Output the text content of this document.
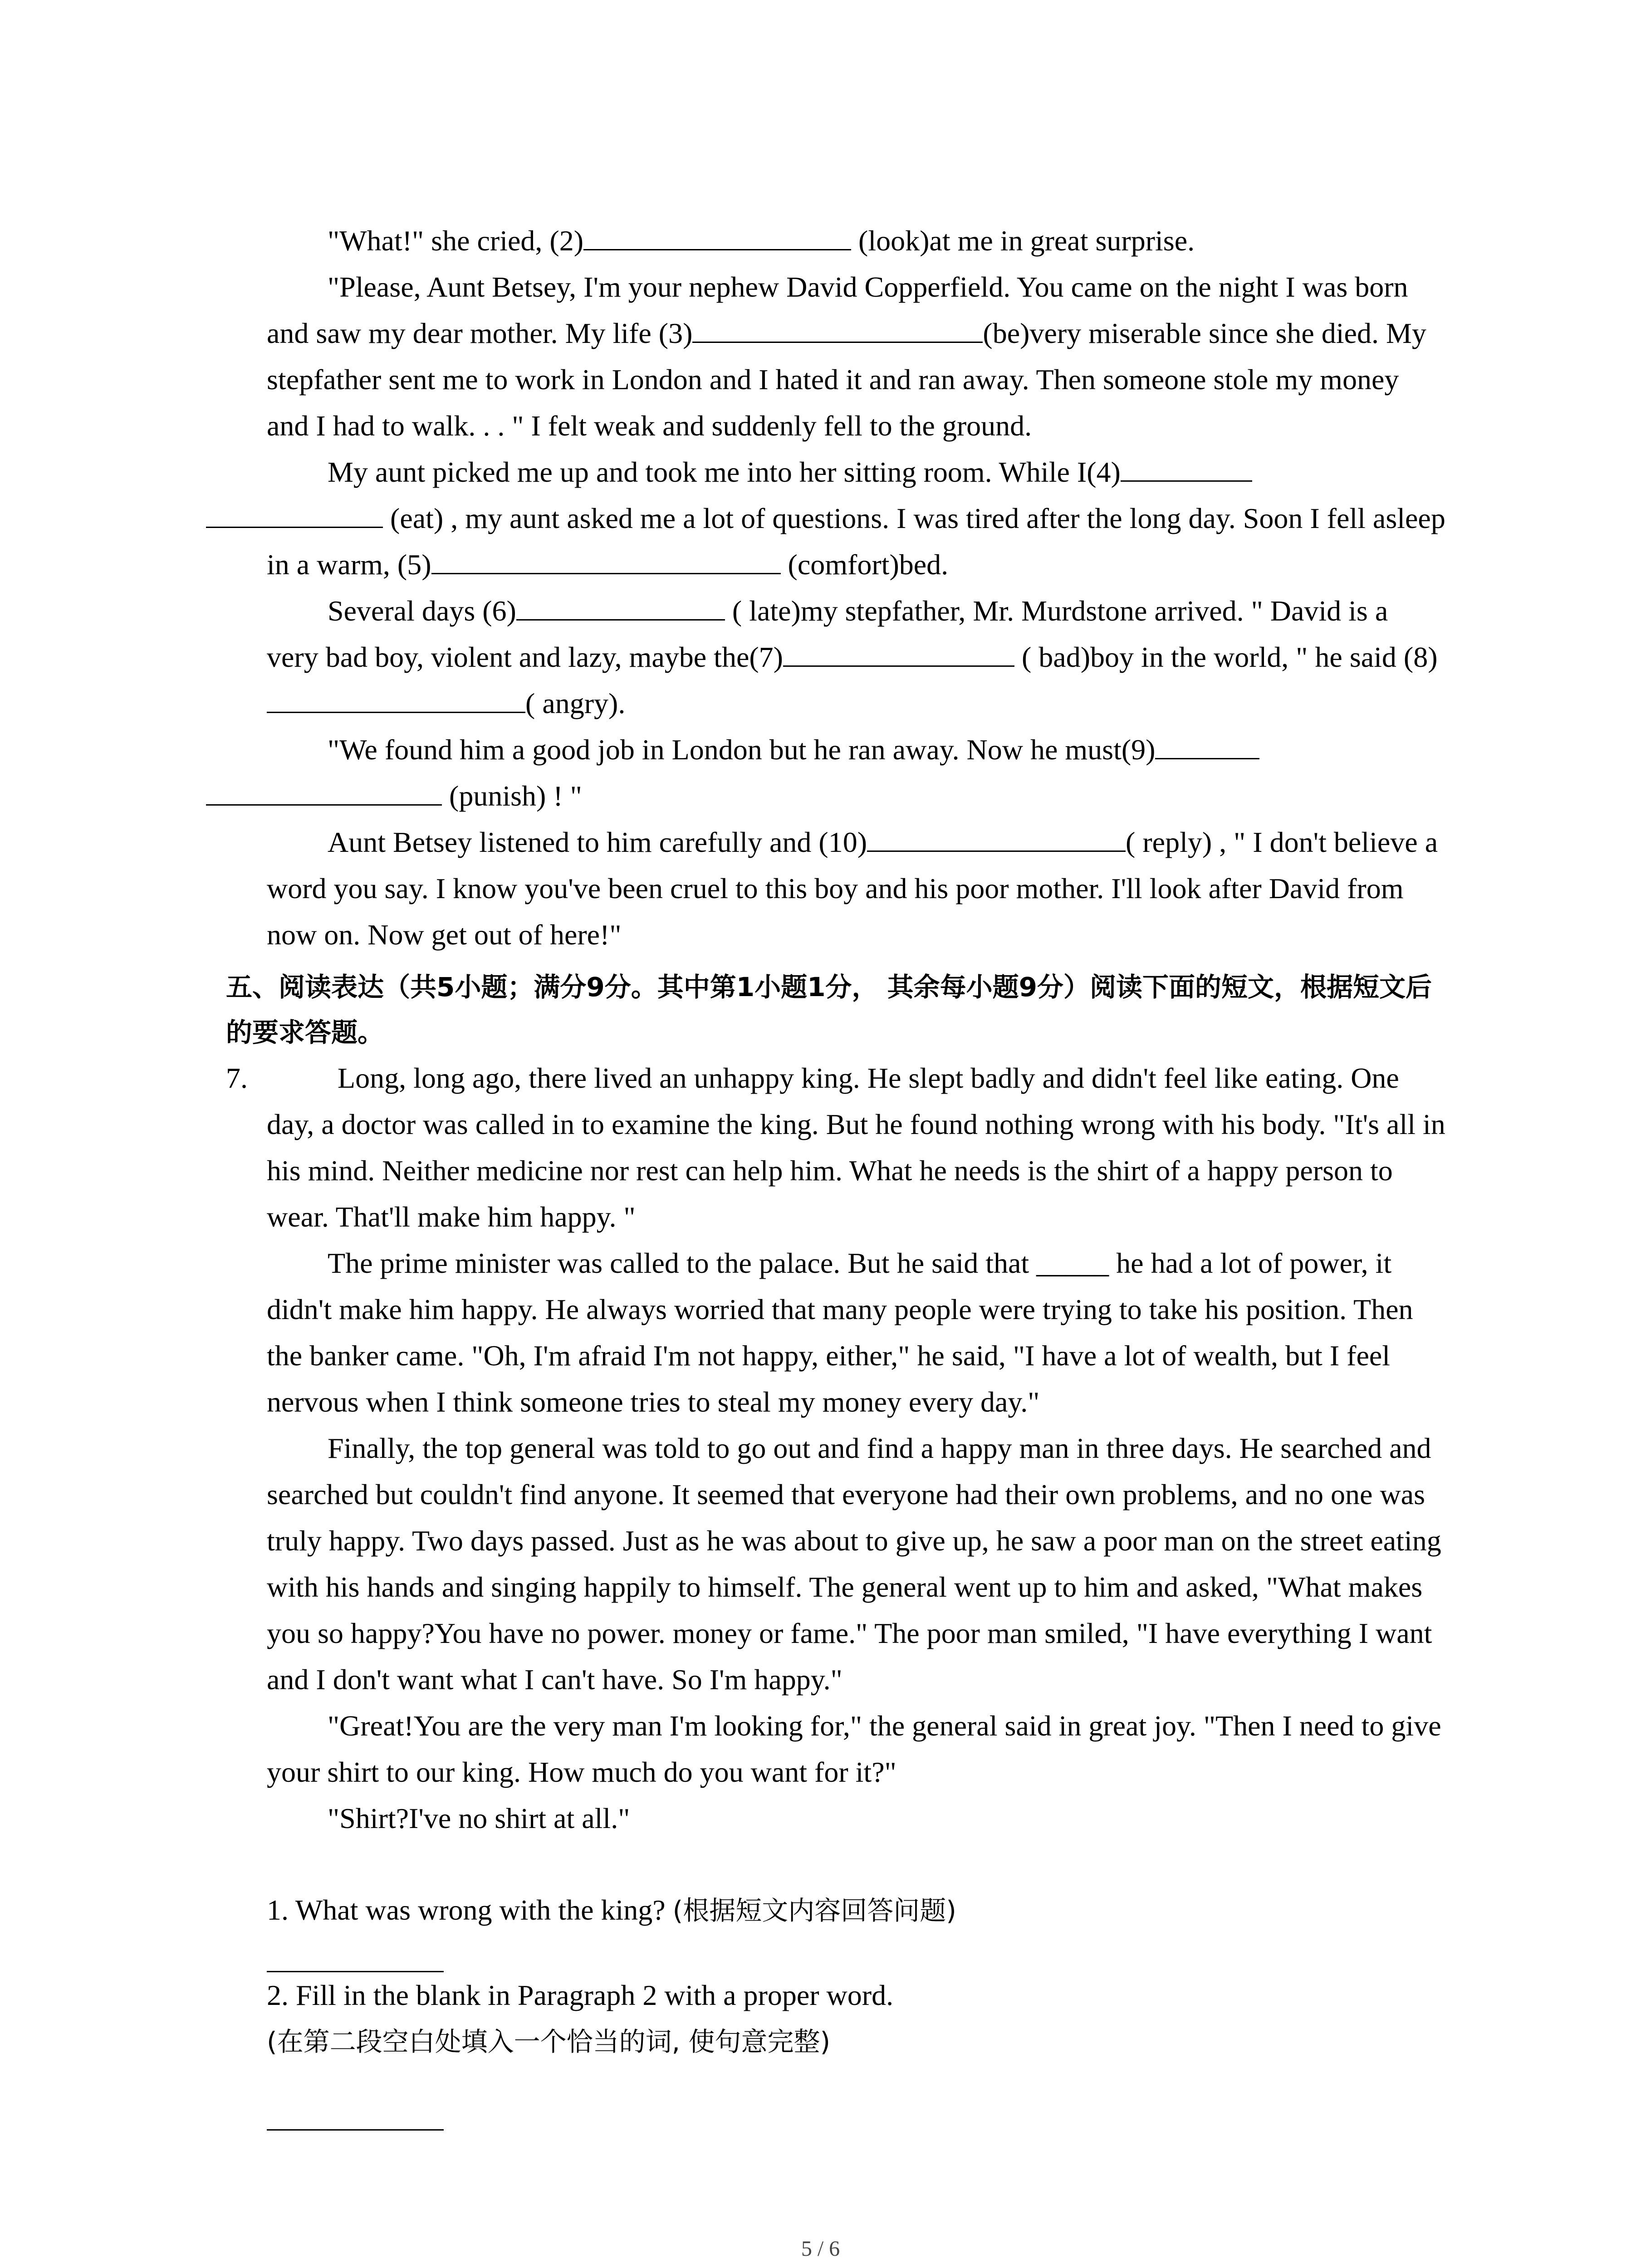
"What!" she cried, (2)	(look)at me in great surprise.

"Please, Aunt Betsey, I'm your nephew David Copperfield. You came on the night I was born and saw my dear mother. My life (3)	(be)very miserable since she died. My stepfather sent me to work in London and I hated it and ran away. Then someone stole my money and I had to walk. . . " I felt weak and suddenly fell to the ground.

My aunt picked me up and took me into her sitting room. While I(4)
(eat) , my aunt asked me a lot of questions. I was tired after the long day. Soon I fell asleep in a warm, (5)	(comfort)bed.

Several days (6)	( late)my stepfather, Mr. Murdstone arrived. " David is a very bad boy, violent and lazy, maybe the(7)	( bad)boy in the world, " he said (8)( angry).

"We found him a good job in London but he ran away. Now he must(9)
(punish) ! "

Aunt Betsey listened to him carefully and (10)	( reply) , " I don't believe a word you say. I know you've been cruel to this boy and his poor mother. I'll look after David from now on. Now get out of here!"

五、阅读表达（共5小题；满分9分。其中第1小题1分， 其余每小题9分）阅读下面的短文，根据短文后的要求答题。

7.	Long, long ago, there lived an unhappy king. He slept badly and didn't feel like eating. One day, a doctor was called in to examine the king. But he found nothing wrong with his body. "It's all in his mind. Neither medicine nor rest can help him. What he needs is the shirt of a happy person to wear. That'll make him happy. "

The prime minister was called to the palace. But he said that _____ he had a lot of power, it didn't make him happy. He always worried that many people were trying to take his position. Then the banker came. "Oh, I'm afraid I'm not happy, either," he said, "I have a lot of wealth, but I feel nervous when I think someone tries to steal my money every day."

Finally, the top general was told to go out and find a happy man in three days. He searched and searched but couldn't find anyone. It seemed that everyone had their own problems, and no one was truly happy. Two days passed. Just as he was about to give up, he saw a poor man on the street eating with his hands and singing happily to himself. The general went up to him and asked, "What makes you so happy?You have no power. money or fame." The poor man smiled, "I have everything I want and I don't want what I can't have. So I'm happy."

"Great!You are the very man I'm looking for," the general said in great joy. "Then I need to give your shirt to our king. How much do you want for it?"

"Shirt?I've no shirt at all."

1. What was wrong with the king? (根据短文内容回答问题)

2. Fill in the blank in Paragraph 2 with a proper word.

(在第二段空白处填入一个恰当的词, 使句意完整)

5 / 6
